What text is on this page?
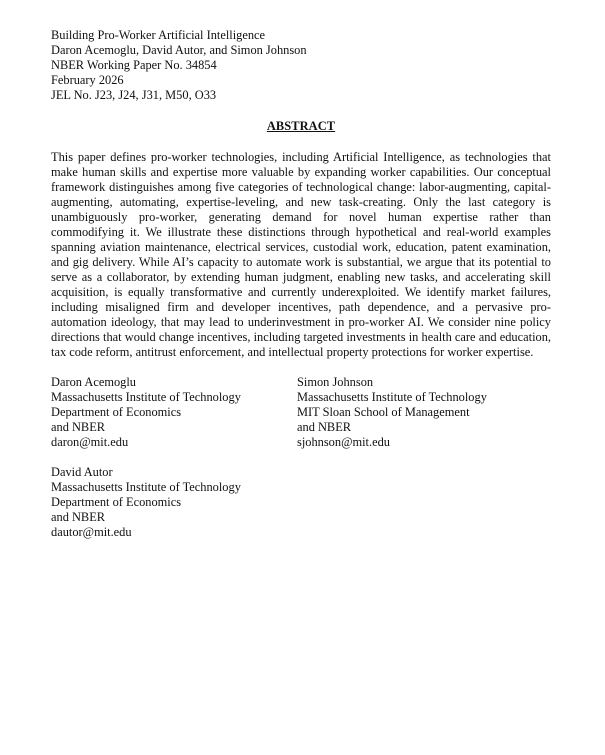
Building Pro-Worker Artificial Intelligence
Daron Acemoglu, David Autor, and Simon Johnson
NBER Working Paper No. 34854
February 2026
JEL No. J23, J24, J31, M50, O33
ABSTRACT
This paper defines pro-worker technologies, including Artificial Intelligence, as technologies that make human skills and expertise more valuable by expanding worker capabilities. Our conceptual framework distinguishes among five categories of technological change: labor-augmenting, capital-augmenting, automating, expertise-leveling, and new task-creating. Only the last category is unambiguously pro-worker, generating demand for novel human expertise rather than commodifying it. We illustrate these distinctions through hypothetical and real-world examples spanning aviation maintenance, electrical services, custodial work, education, patent examination, and gig delivery. While AI’s capacity to automate work is substantial, we argue that its potential to serve as a collaborator, by extending human judgment, enabling new tasks, and accelerating skill acquisition, is equally transformative and currently underexploited. We identify market failures, including misaligned firm and developer incentives, path dependence, and a pervasive pro-automation ideology, that may lead to underinvestment in pro-worker AI. We consider nine policy directions that would change incentives, including targeted investments in health care and education, tax code reform, antitrust enforcement, and intellectual property protections for worker expertise.
Daron Acemoglu
Massachusetts Institute of Technology
Department of Economics
and NBER
daron@mit.edu
Simon Johnson
Massachusetts Institute of Technology
MIT Sloan School of Management
and NBER
sjohnson@mit.edu
David Autor
Massachusetts Institute of Technology
Department of Economics
and NBER
dautor@mit.edu
